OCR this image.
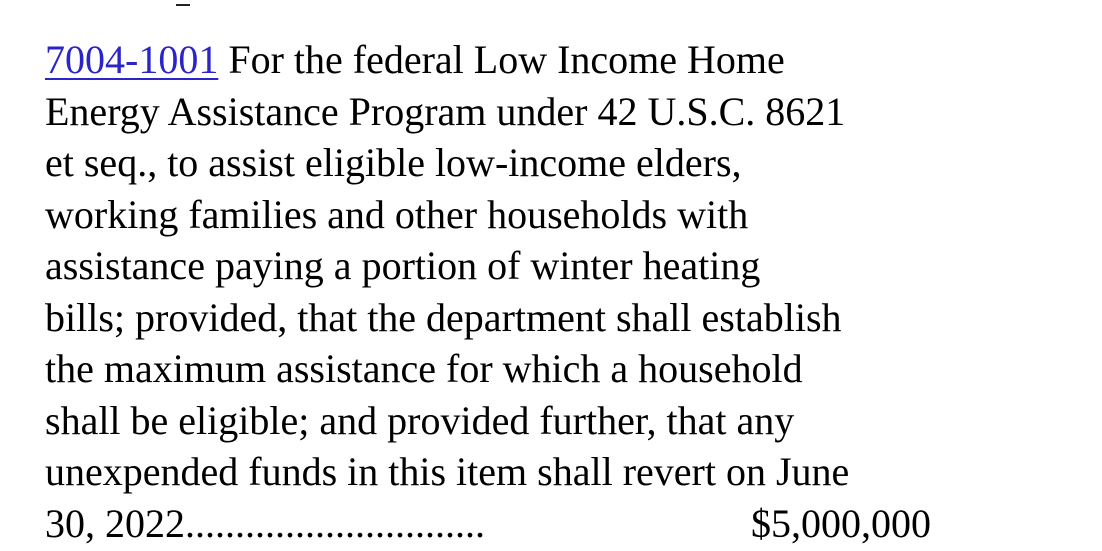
7004-1001 For the federal Low Income Home
Energy Assistance Program under 42 U.S.C. 8621
et seq., to assist eligible low-income elders,
working families and other households with
assistance paying a portion of winter heating
bills; provided, that the department shall establish
the maximum assistance for which a household
shall be eligible; and provided further, that any
unexpended funds in this item shall revert on June
30, 2022..............................	$5,000,000
